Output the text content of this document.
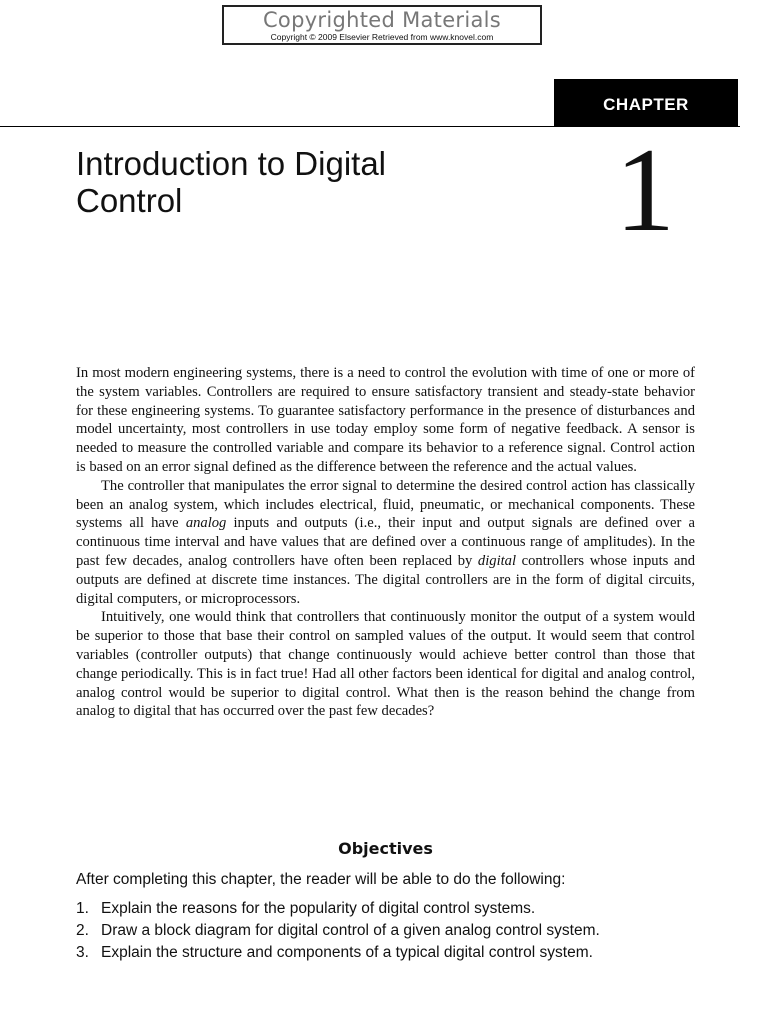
Copyrighted Materials
Copyright © 2009 Elsevier Retrieved from www.knovel.com
CHAPTER
Introduction to Digital
Control	1

In most modern engineering systems, there is a need to control the evolution with time of one or more of the system variables. Controllers are required to ensure satisfactory transient and steady-state behavior for these engineering systems. To guarantee satisfactory performance in the presence of disturbances and model uncertainty, most controllers in use today employ some form of negative feedback. A sensor is needed to measure the controlled variable and compare its behavior to a reference signal. Control action is based on an error signal defined as the difference between the reference and the actual values.

The controller that manipulates the error signal to determine the desired control action has classically been an analog system, which includes electrical, fluid, pneumatic, or mechanical components. These systems all have analog inputs and outputs (i.e., their input and output signals are defined over a continuous time interval and have values that are defined over a continuous range of amplitudes). In the past few decades, analog controllers have often been replaced by digital controllers whose inputs and outputs are defined at discrete time instances. The digital controllers are in the form of digital circuits, digital computers, or microprocessors.

Intuitively, one would think that controllers that continuously monitor the output of a system would be superior to those that base their control on sampled values of the output. It would seem that control variables (controller outputs) that change continuously would achieve better control than those that change periodically. This is in fact true! Had all other factors been identical for digital and analog control, analog control would be superior to digital control. What then is the reason behind the change from analog to digital that has occurred over the past few decades?

Objectives

After completing this chapter, the reader will be able to do the following:

1. Explain the reasons for the popularity of digital control systems.
2. Draw a block diagram for digital control of a given analog control system.
3. Explain the structure and components of a typical digital control system.
